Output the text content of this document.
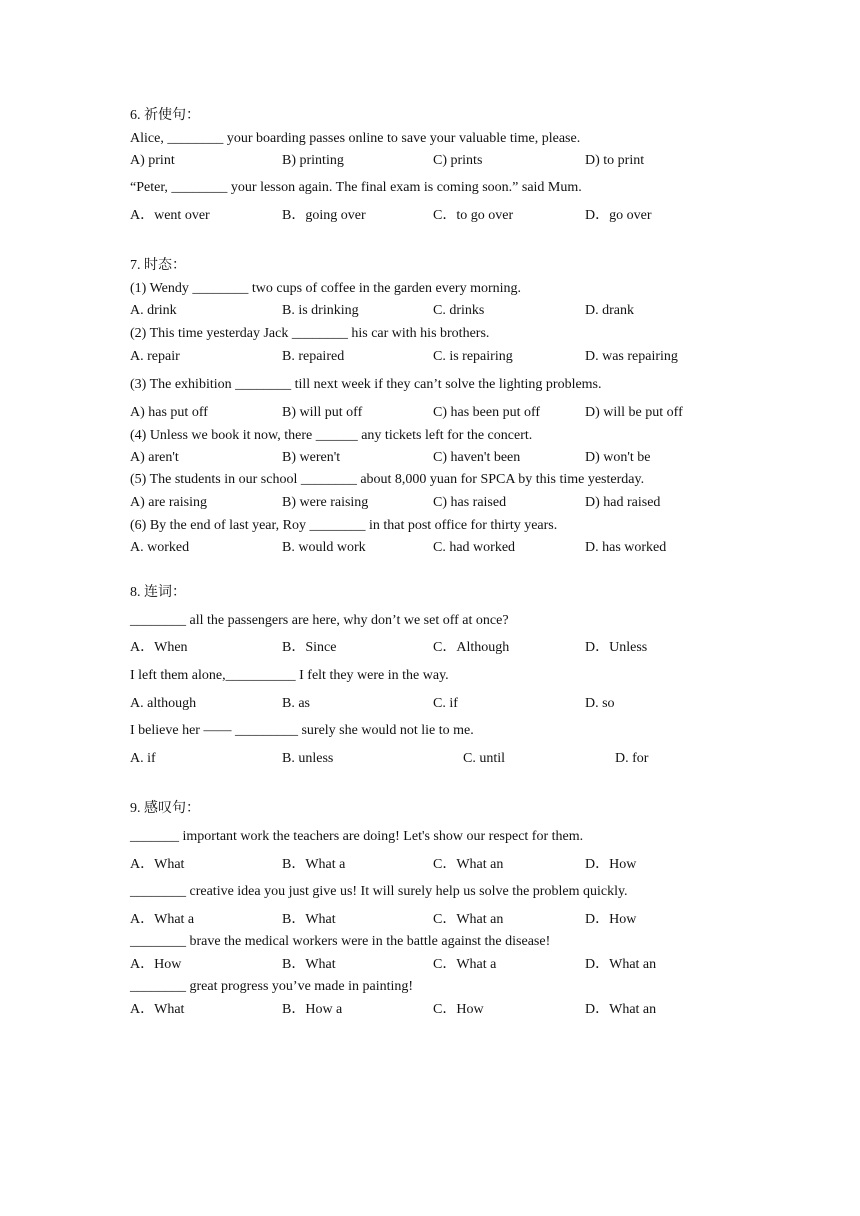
6. 祈使句：
Alice, ________ your boarding passes online to save your valuable time, please.
A) print	B) printing	C) prints	D) to print
“Peter, ________ your lesson again. The final exam is coming soon.” said Mum.
A．went over	B．going over	C．to go over	D．go over
7. 时态：
(1) Wendy ________ two cups of coffee in the garden every morning.
A. drink	B. is drinking	C. drinks	D. drank
(2) This time yesterday Jack ________ his car with his brothers.
A. repair	B. repaired	C. is repairing	D. was repairing
(3) The exhibition ________ till next week if they can’t solve the lighting problems.
A) has put off	B) will put off	C) has been put off	D) will be put off
(4) Unless we book it now, there ______ any tickets left for the concert.
A) aren't	B) weren't	C) haven't been	D) won't be
(5) The students in our school ________ about 8,000 yuan for SPCA by this time yesterday.
A) are raising	B) were raising	C) has raised	D) had raised
(6) By the end of last year, Roy ________ in that post office for thirty years.
A. worked	B. would work	C. had worked	D. has worked
8. 连词：
________ all the passengers are here, why don’t we set off at once?
A．When	B．Since	C．Although	D．Unless
I left them alone,__________ I felt they were in the way.
A. although	B. as	C. if	D. so
I believe her —— _________ surely she would not lie to me.
A. if	B. unless	C. until	D. for
9. 感叹句：
_______ important work the teachers are doing! Let's show our respect for them.
A．What	B．What a	C．What an	D．How
________ creative idea you just give us! It will surely help us solve the problem quickly.
A．What a	B．What	C．What an	D．How
________ brave the medical workers were in the battle against the disease!
A．How	B．What	C．What a	D．What an
________ great progress you’ve made in painting!
A．What	B．How a	C．How	D．What an
